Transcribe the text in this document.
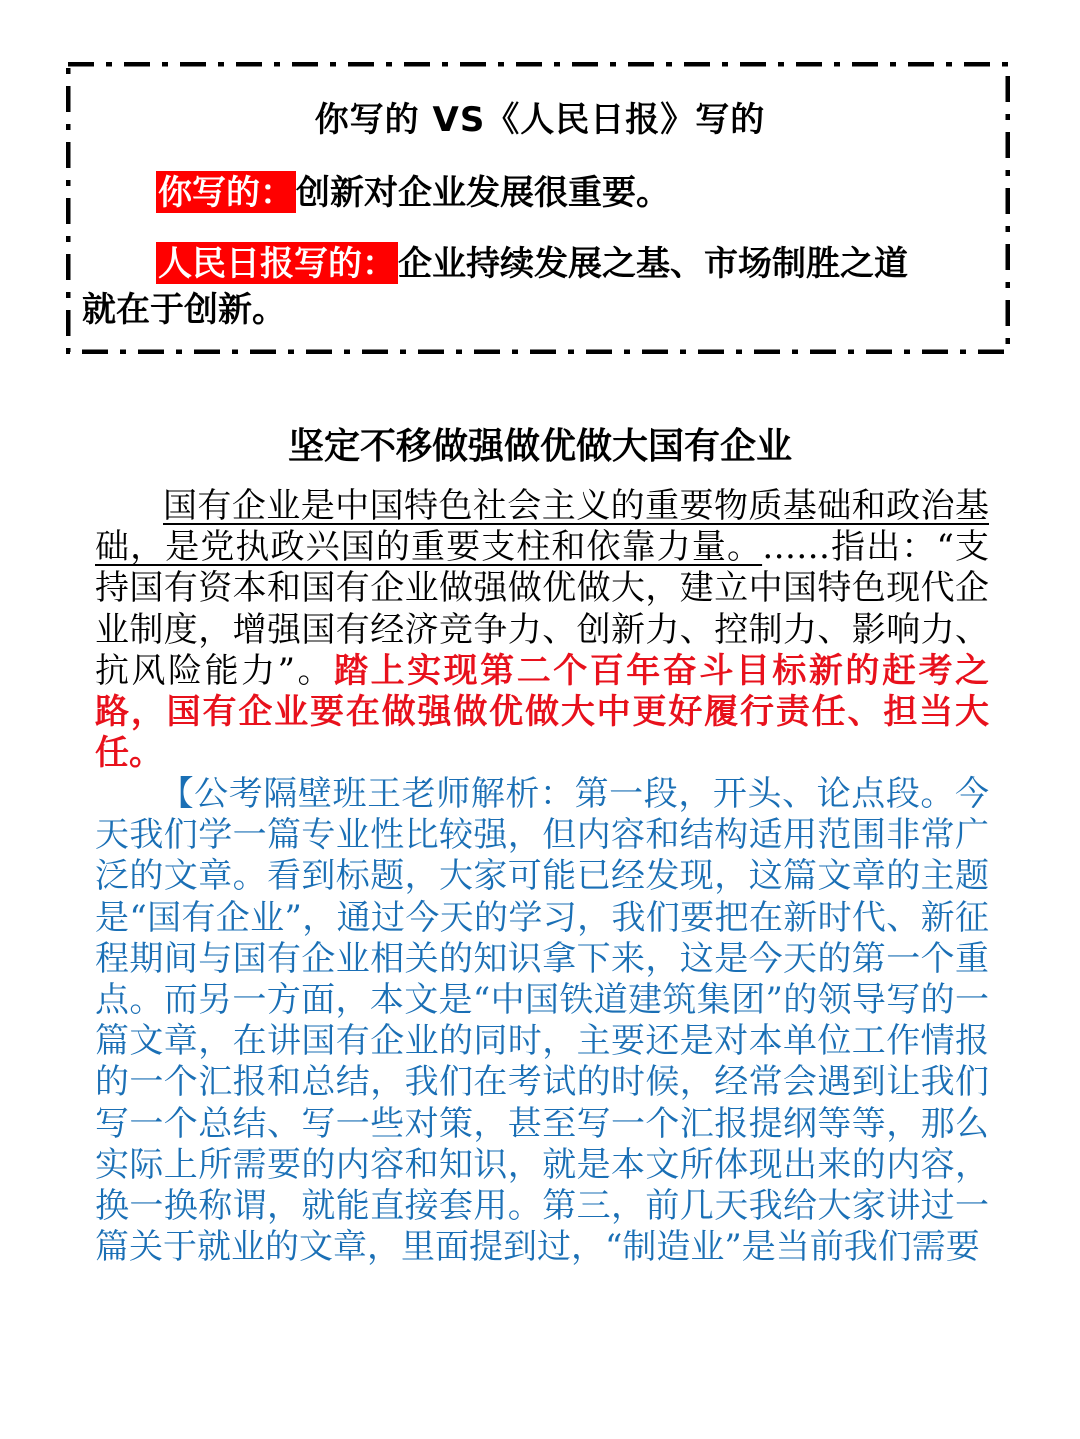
你写的 VS《人民日报》写的
你写的：创新对企业发展很重要。
人民日报写的：企业持续发展之基、市场制胜之道
就在于创新。
坚定不移做强做优做大国有企业
国有企业是中国特色社会主义的重要物质基础和政治基础，是党执政兴国的重要支柱和依靠力量。……指出：“支持国有资本和国有企业做强做优做大，建立中国特色现代企业制度，增强国有经济竞争力、创新力、控制力、影响力、抗风险能力”。踏上实现第二个百年奋斗目标新的赶考之路，国有企业要在做强做优做大中更好履行责任、担当大任。
【公考隔壁班王老师解析：第一段，开头、论点段。今天我们学一篇专业性比较强，但内容和结构适用范围非常广泛的文章。看到标题，大家可能已经发现，这篇文章的主题是“国有企业”，通过今天的学习，我们要把在新时代、新征程期间与国有企业相关的知识拿下来，这是今天的第一个重点。而另一方面，本文是“中国铁道建筑集团”的领导写的一篇文章，在讲国有企业的同时，主要还是对本单位工作情报的一个汇报和总结，我们在考试的时候，经常会遇到让我们写一个总结、写一些对策，甚至写一个汇报提纲等等，那么实际上所需要的内容和知识，就是本文所体现出来的内容，换一换称谓，就能直接套用。第三，前几天我给大家讲过一篇关于就业的文章，里面提到过，“制造业”是当前我们需要
